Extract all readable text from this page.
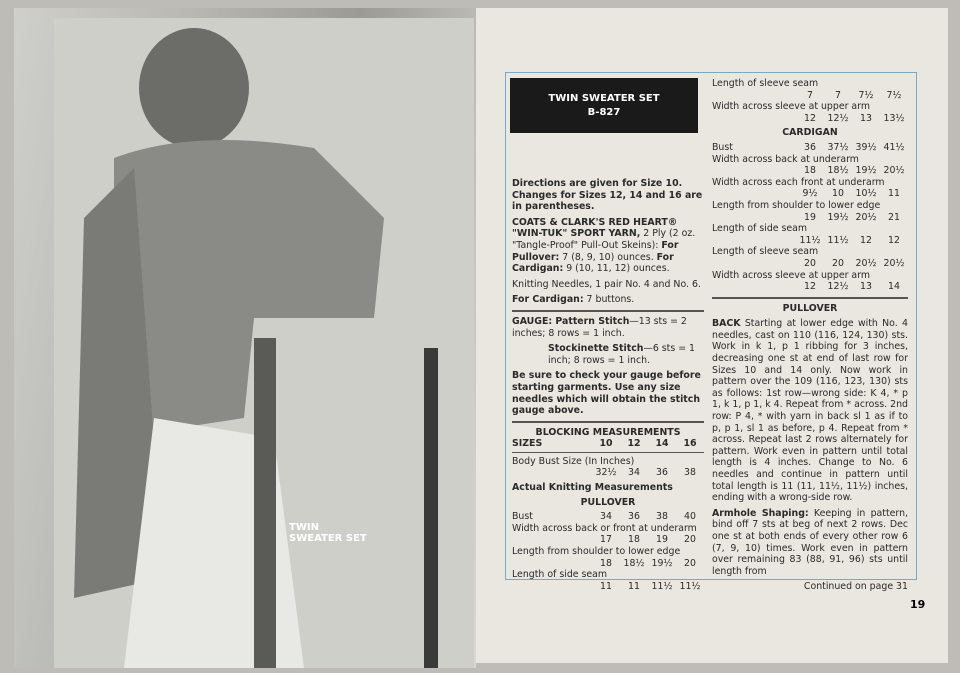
TWIN
SWEATER SET
TWIN SWEATER SET
B-827

Directions are given for Size 10. Changes for Sizes 12, 14 and 16 are in parentheses.

COATS & CLARK'S RED HEART® "WIN-TUK" SPORT YARN, 2 Ply (2 oz. "Tangle-Proof" Pull-Out Skeins): For Pullover: 7 (8, 9, 10) ounces. For Cardigan: 9 (10, 11, 12) ounces.

Knitting Needles, 1 pair No. 4 and No. 6.

For Cardigan: 7 buttons.

GAUGE: Pattern Stitch—13 sts = 2 inches; 8 rows = 1 inch.

Stockinette Stitch—6 sts = 1 inch; 8 rows = 1 inch.

Be sure to check your gauge before starting garments. Use any size needles which will obtain the stitch gauge above.

BLOCKING MEASUREMENTS
SIZES	10	12	14	16
Body Bust Size (In Inches)
32½	34	36	38
Actual Knitting Measurements
PULLOVER
Bust	34	36	38	40
Width across back or front at underarm
17	18	19	20
Length from shoulder to lower edge
18	18½ 19½	20
Length of side seam
11	11	11½ 11½
Length of sleeve seam
7	7	7½	7½
Width across sleeve at upper arm
12	12½	13	13½
CARDIGAN
Bust	36	37½ 39½ 41½
Width across back at underarm
18	18½ 19½ 20½
Width across each front at underarm
9½	10	10½	11
Length from shoulder to lower edge
19	19½ 20½	21
Length of side seam
11½ 11½	12	12
Length of sleeve seam
20	20	20½ 20½
Width across sleeve at upper arm
12	12½	13	14
PULLOVER

BACK Starting at lower edge with No. 4 needles, cast on 110 (116, 124, 130) sts. Work in k 1, p 1 ribbing for 3 inches, decreasing one st at end of last row for Sizes 10 and 14 only. Now work in pattern over the 109 (116, 123, 130) sts as follows: 1st row—wrong side: K 4, * p 1, k 1, p 1, k 4. Repeat from * across. 2nd row: P 4, * with yarn in back sl 1 as if to p, p 1, sl 1 as before, p 4. Repeat from * across. Repeat last 2 rows alternately for pattern. Work even in pattern until total length is 4 inches. Change to No. 6 needles and continue in pattern until total length is 11 (11, 11½, 11½) inches, ending with a wrong-side row.

Armhole Shaping: Keeping in pattern, bind off 7 sts at beg of next 2 rows. Dec one st at both ends of every other row 6 (7, 9, 10) times. Work even in pattern over remaining 83 (88, 91, 96) sts until length from

Continued on page 31
19
